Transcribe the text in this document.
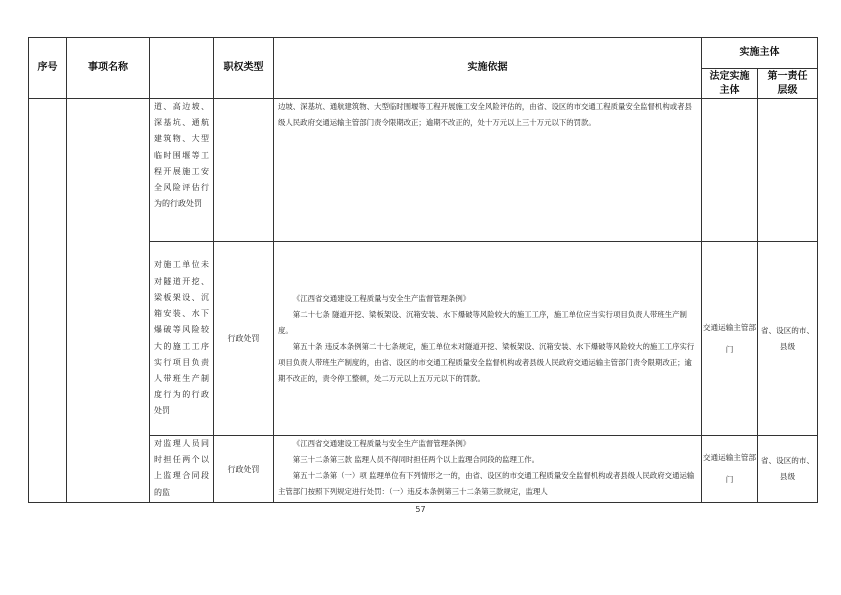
序号	事项名称		职权类型	实施依据	实施主体	
					法定实施主体	第一责任层级
		道、高边坡、深基坑、通航建筑物、大型临时围堰等工程开展施工安全风险评估行为的行政处罚		边坡、深基坑、通航建筑物、大型临时围堰等工程开展施工安全风险评估的，由省、设区的市交通工程质量安全监督机构或者县级人民政府交通运输主管部门责令限期改正；逾期不改正的，处十万元以上三十万元以下的罚款。		

		对施工单位未对隧道开挖、梁板架设、沉箱安装、水下爆破等风险较大的施工工序实行项目负责人带班生产制度行为的行政处罚	行政处罚	《江西省交通建设工程质量与安全生产监督管理条例》

第二十七条 隧道开挖、梁板架设、沉箱安装、水下爆破等风险较大的施工工序，施工单位应当实行项目负责人带班生产制度。

第五十条 违反本条例第二十七条规定，施工单位未对隧道开挖、梁板架设、沉箱安装、水下爆破等风险较大的施工工序实行项目负责人带班生产制度的，由省、设区的市交通工程质量安全监督机构或者县级人民政府交通运输主管部门责令限期改正；逾期不改正的，责令停工整顿，处二万元以上五万元以下的罚款。	交通运输主管部门	省、设区的市、县级
		对监理人员同时担任两个以上监理合同段的监	行政处罚	《江西省交通建设工程质量与安全生产监督管理条例》

第三十二条第三款 监理人员不得同时担任两个以上监理合同段的监理工作。

第五十二条第（一）项 监理单位有下列情形之一的，由省、设区的市交通工程质量安全监督机构或者县级人民政府交通运输主管部门按照下列规定进行处罚：（一）违反本条例第三十二条第三款规定，监理人	交通运输主管部门	省、设区的市、县级
57
